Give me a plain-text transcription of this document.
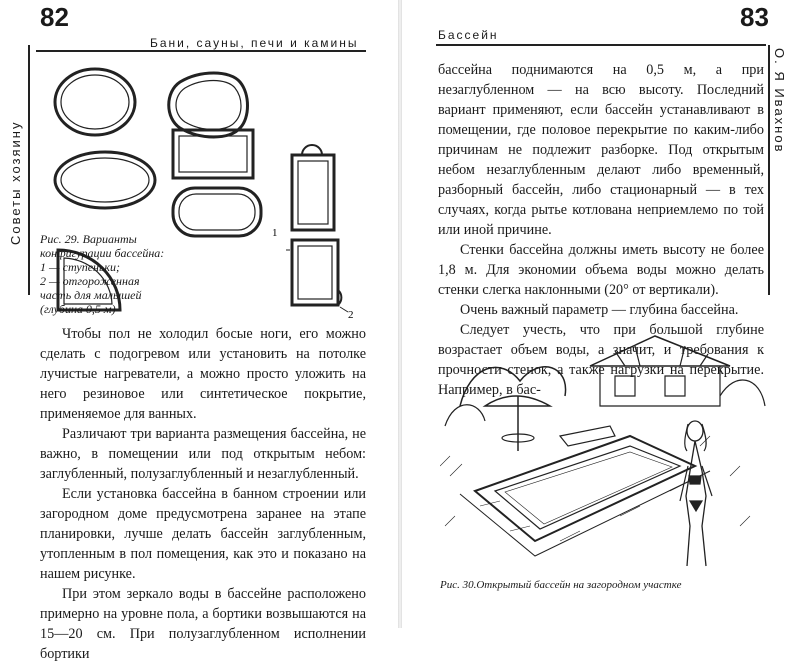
82
Бани, сауны, печи и камины
Советы хозяину	1
2
Рис. 29. Варианты
конфигурации бассейна:
1 — ступеньки;
2 — отгороженная
часть для малышей
(глубина 0,5 м)

Чтобы пол не холодил босые ноги, его можно сделать с подогревом или установить на потолке лучистые нагреватели, а можно просто уложить на него резиновое или синтетическое покрытие, применяемое для ванных.

Различают три варианта размещения бассейна, не важно, в помещении или под открытым небом: заглубленный, полузаглубленный и незаглубленный.

Если установка бассейна в банном строении или загородном доме предусмотрена заранее на этапе планировки, лучше делать бассейн заглубленным, утопленным в пол помещения, как это и показано на нашем рисунке.

При этом зеркало воды в бассейне расположено примерно на уровне пола, а бортики возвышаются на 15—20 см. При полузаглубленном исполнении бортики

Бассейн
83
О. Я Ивахнов

бассейна поднимаются на 0,5 м, а при незаглубленном — на всю высоту. Последний вариант применяют, если бассейн устанавливают в помещении, где половое перекрытие по каким-либо причинам не подлежит разборке. Под открытым небом незаглубленным делают либо временный, разборный бассейн, либо стационарный — в тех случаях, когда рытье котлована неприемлемо по той или иной причине.

Стенки бассейна должны иметь высоту не более 1,8 м. Для экономии объема воды можно делать стенки слегка наклонными (20° от вертикали).

Очень важный параметр — глубина бассейна.

Следует учесть, что при большой глубине возрастает объем воды, а значит, и требования к прочности стенок, а также нагрузки на перекрытие. Например, в бас-

Рис. 30.Открытый бассейн на загородном участке
